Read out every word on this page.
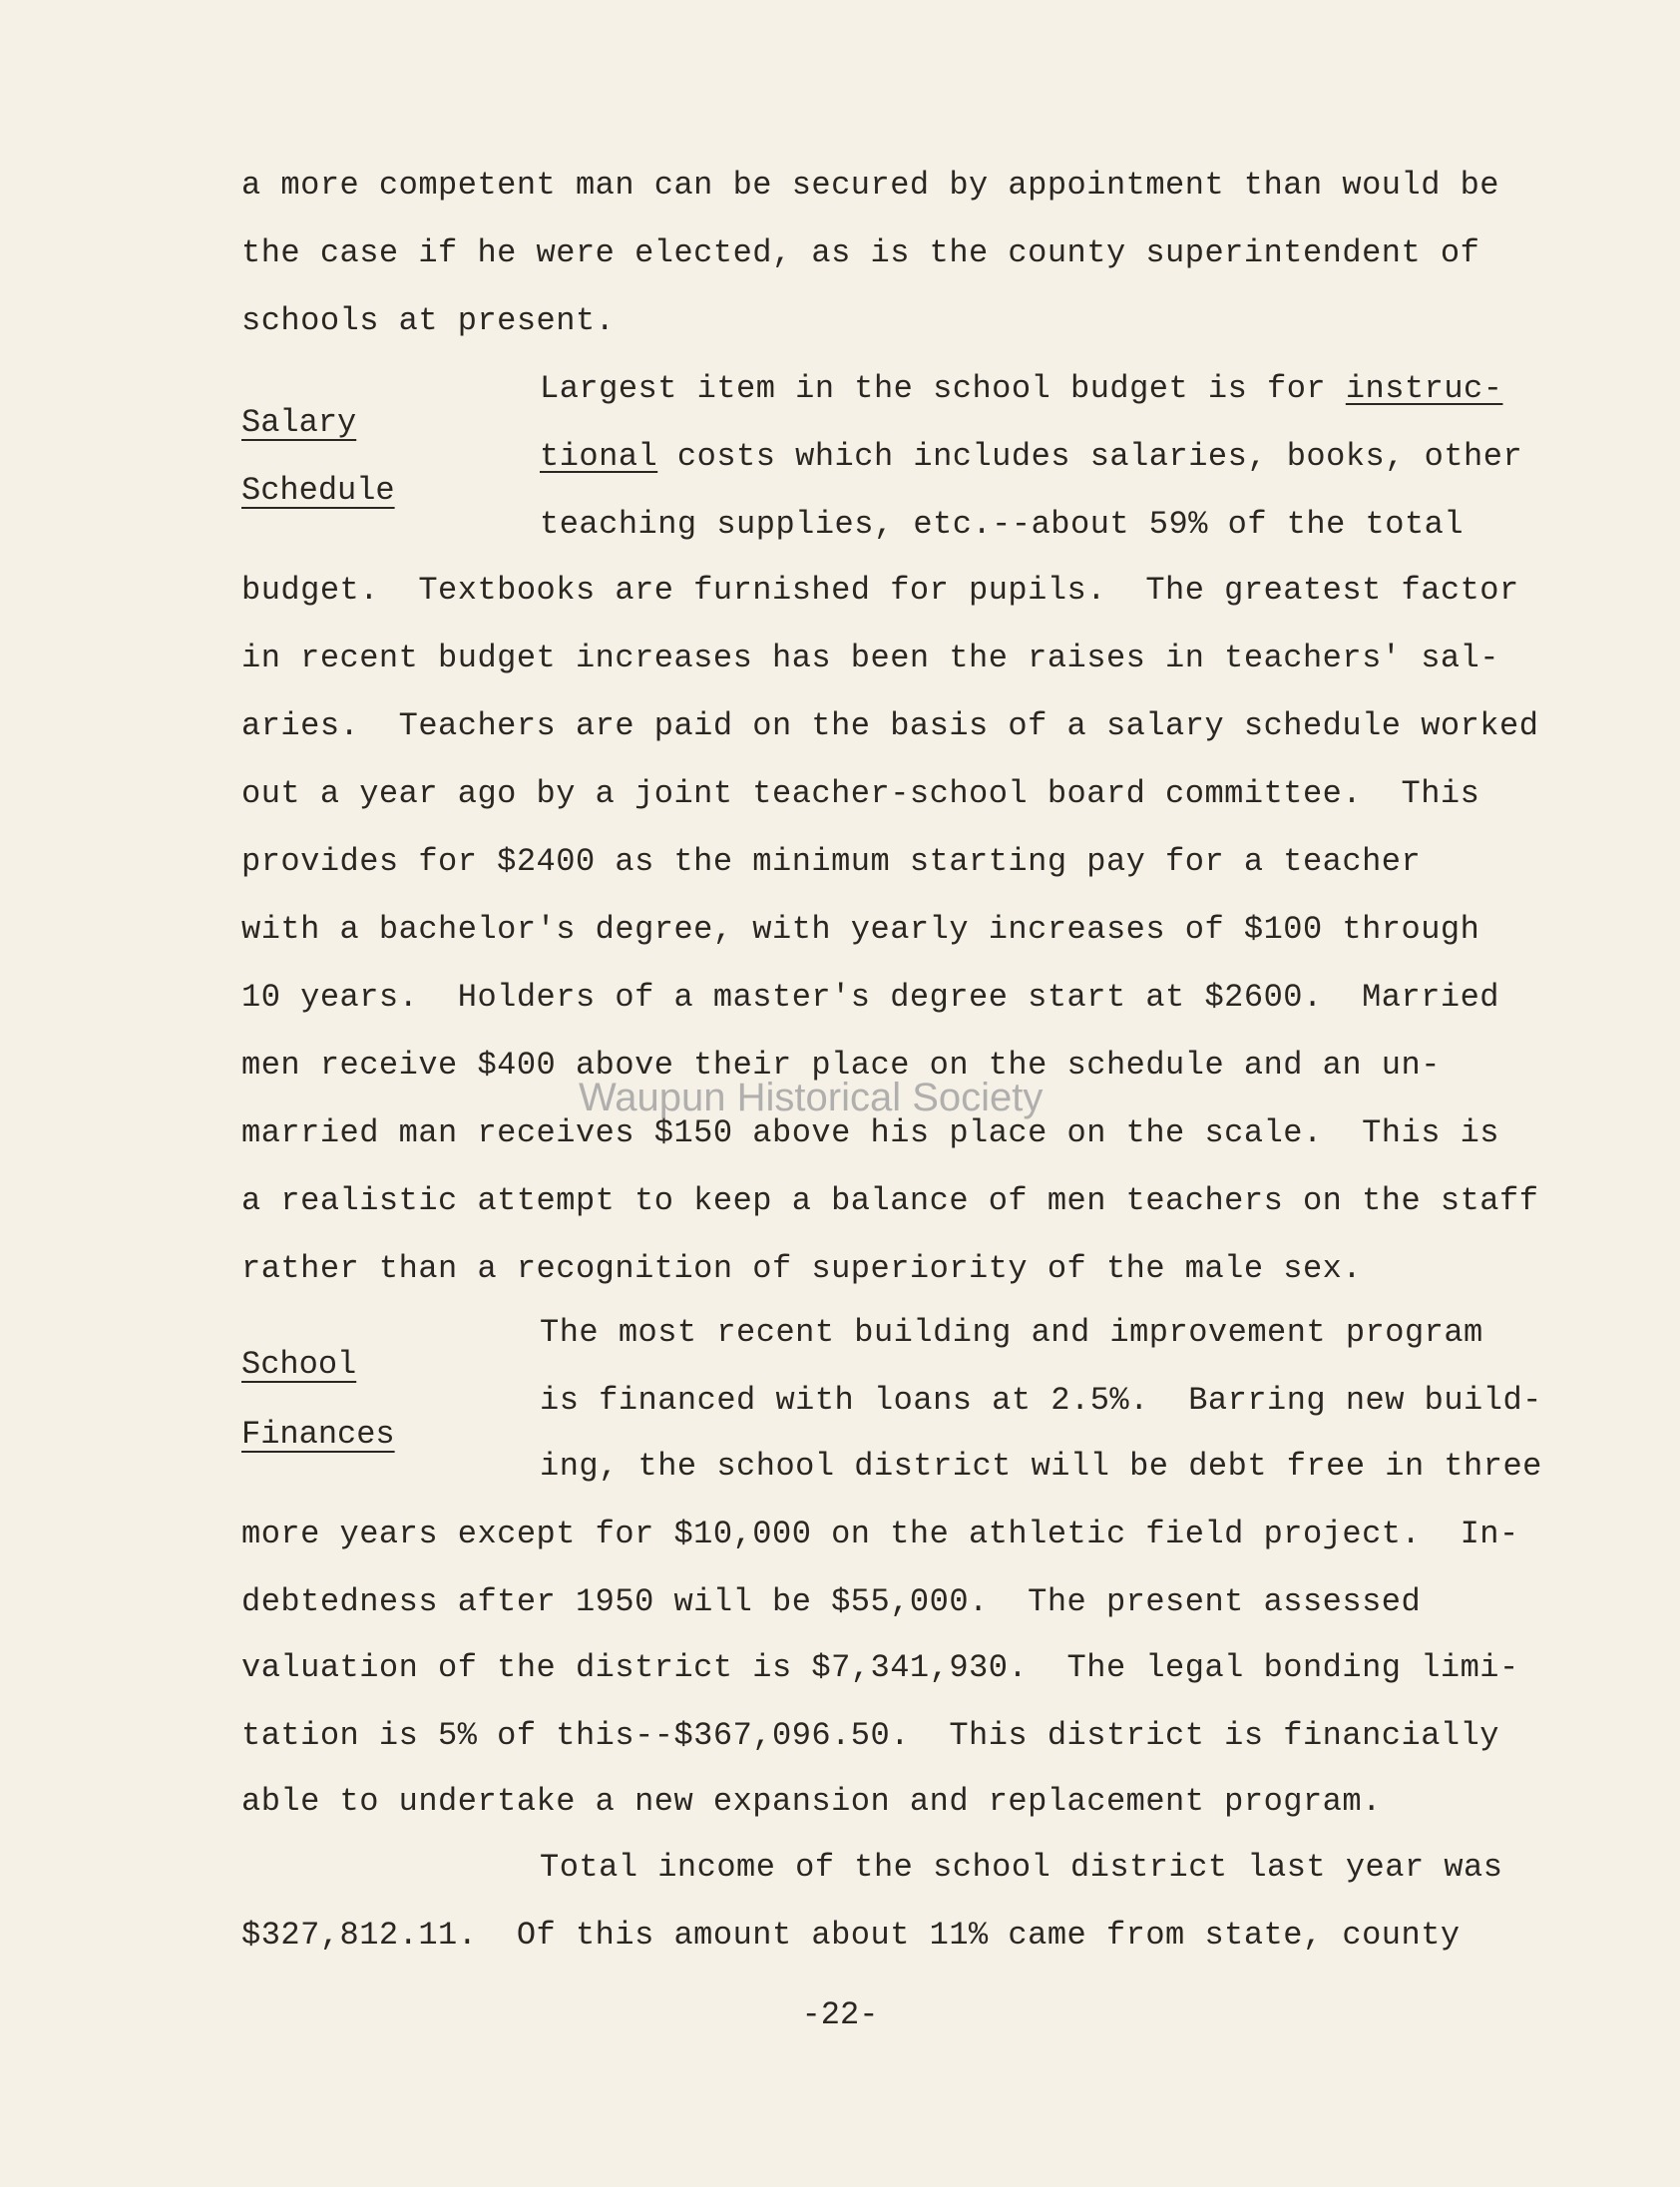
a more competent man can be secured by appointment than would be
the case if he were elected, as is the county superintendent of
schools at present.
Salary
Schedule
Largest item in the school budget is for instruc-
tional costs which includes salaries, books, other
teaching supplies, etc.--about 59% of the total
budget.  Textbooks are furnished for pupils.  The greatest factor
in recent budget increases has been the raises in teachers' sal-
aries.  Teachers are paid on the basis of a salary schedule worked
out a year ago by a joint teacher-school board committee.  This
provides for $2400 as the minimum starting pay for a teacher
with a bachelor's degree, with yearly increases of $100 through
10 years.  Holders of a master's degree start at $2600.  Married
men receive $400 above their place on the schedule and an un-
married man receives $150 above his place on the scale.  This is
a realistic attempt to keep a balance of men teachers on the staff
rather than a recognition of superiority of the male sex.
School
Finances
The most recent building and improvement program
is financed with loans at 2.5%.  Barring new build-
ing, the school district will be debt free in three
more years except for $10,000 on the athletic field project.  In-
debtedness after 1950 will be $55,000.  The present assessed
valuation of the district is $7,341,930.  The legal bonding limi-
tation is 5% of this--$367,096.50.  This district is financially
able to undertake a new expansion and replacement program.
Total income of the school district last year was
$327,812.11.  Of this amount about 11% came from state, county
Waupun Historical Society
-22-
